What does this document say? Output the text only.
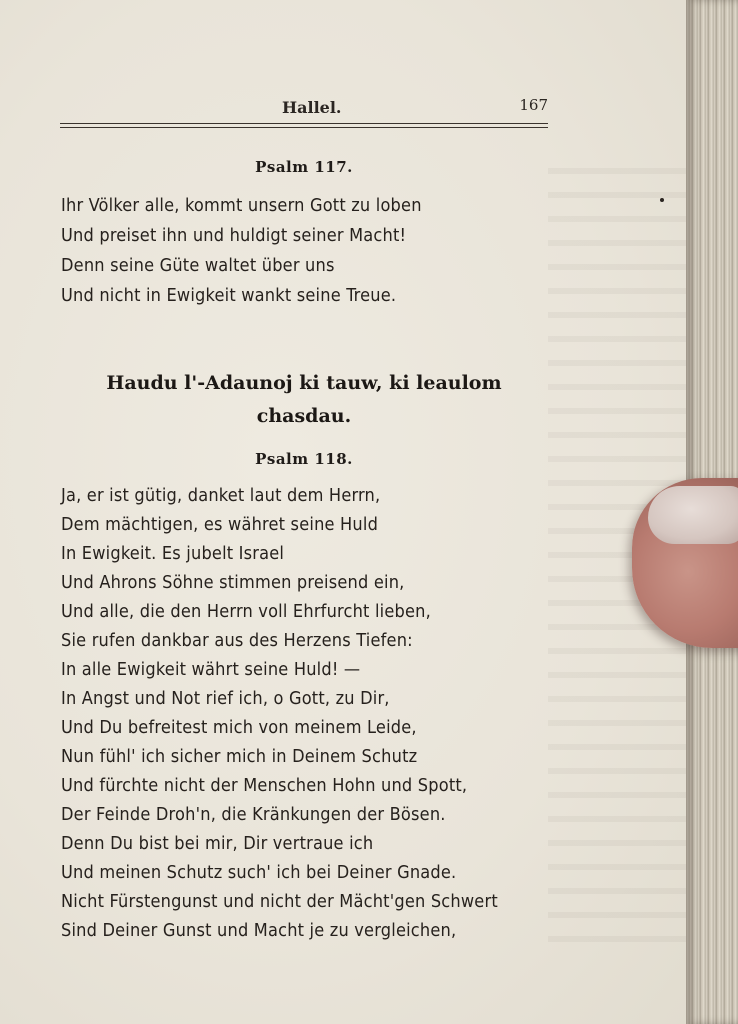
Hallel.	167
Psalm 117.
Ihr Völker alle, kommt unsern Gott zu loben
Und preiset ihn und huldigt seiner Macht!
Denn seine Güte waltet über uns
Und nicht in Ewigkeit wankt seine Treue.
Haudu l'-Adaunoj ki tauw, ki leaulom
chasdau.
Psalm 118.
Ja, er ist gütig, danket laut dem Herrn,
Dem mächtigen, es währet seine Huld
In Ewigkeit. Es jubelt Israel
Und Ahrons Söhne stimmen preisend ein,
Und alle, die den Herrn voll Ehrfurcht lieben,
Sie rufen dankbar aus des Herzens Tiefen:
In alle Ewigkeit währt seine Huld! —
In Angst und Not rief ich, o Gott, zu Dir,
Und Du befreitest mich von meinem Leide,
Nun fühl' ich sicher mich in Deinem Schutz
Und fürchte nicht der Menschen Hohn und Spott,
Der Feinde Droh'n, die Kränkungen der Bösen.
Denn Du bist bei mir, Dir vertraue ich
Und meinen Schutz such' ich bei Deiner Gnade.
Nicht Fürstengunst und nicht der Mächt'gen Schwert
Sind Deiner Gunst und Macht je zu vergleichen,
